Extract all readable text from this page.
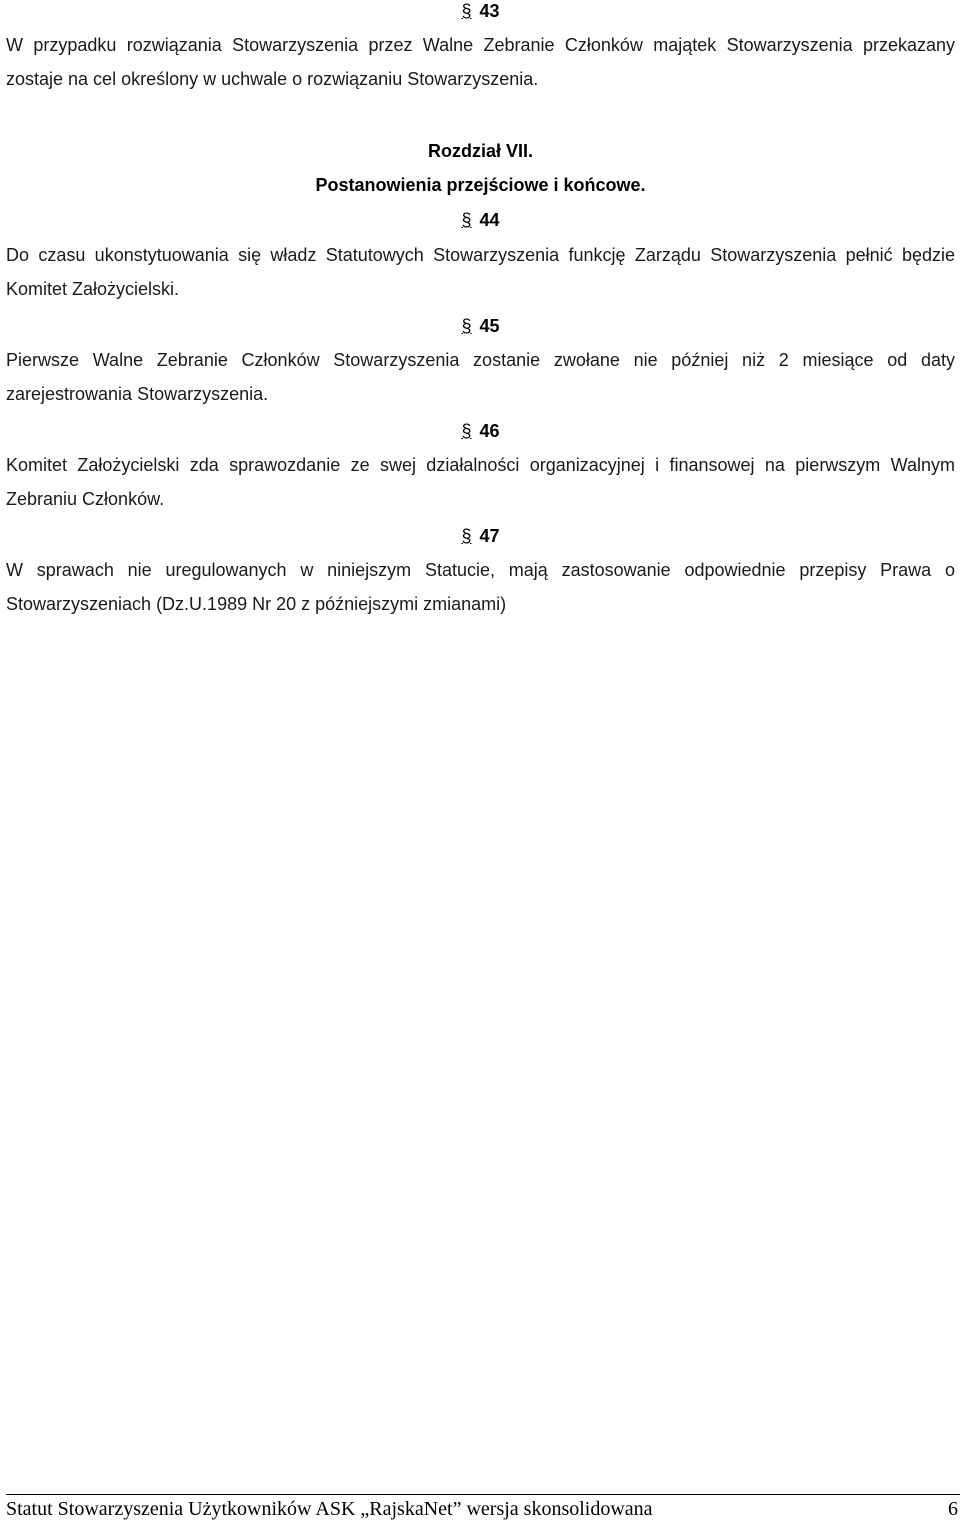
§ 43
W przypadku rozwiązania Stowarzyszenia przez Walne Zebranie Członków majątek Stowarzyszenia przekazany zostaje na cel określony w uchwale o rozwiązaniu Stowarzyszenia.
Rozdział VII.
Postanowienia przejściowe i końcowe.
§ 44
Do czasu ukonstytuowania się władz Statutowych Stowarzyszenia funkcję Zarządu Stowarzyszenia pełnić będzie Komitet Założycielski.
§ 45
Pierwsze Walne Zebranie Członków Stowarzyszenia zostanie zwołane nie później niż 2 miesiące od daty zarejestrowania Stowarzyszenia.
§ 46
Komitet Założycielski zda sprawozdanie ze swej działalności organizacyjnej i finansowej na pierwszym Walnym Zebraniu Członków.
§ 47
W sprawach nie uregulowanych w niniejszym Statucie, mają zastosowanie odpowiednie przepisy Prawa o Stowarzyszeniach (Dz.U.1989 Nr 20 z późniejszymi zmianami)
Statut Stowarzyszenia Użytkowników ASK „RajskaNet” wersja skonsolidowana	6
